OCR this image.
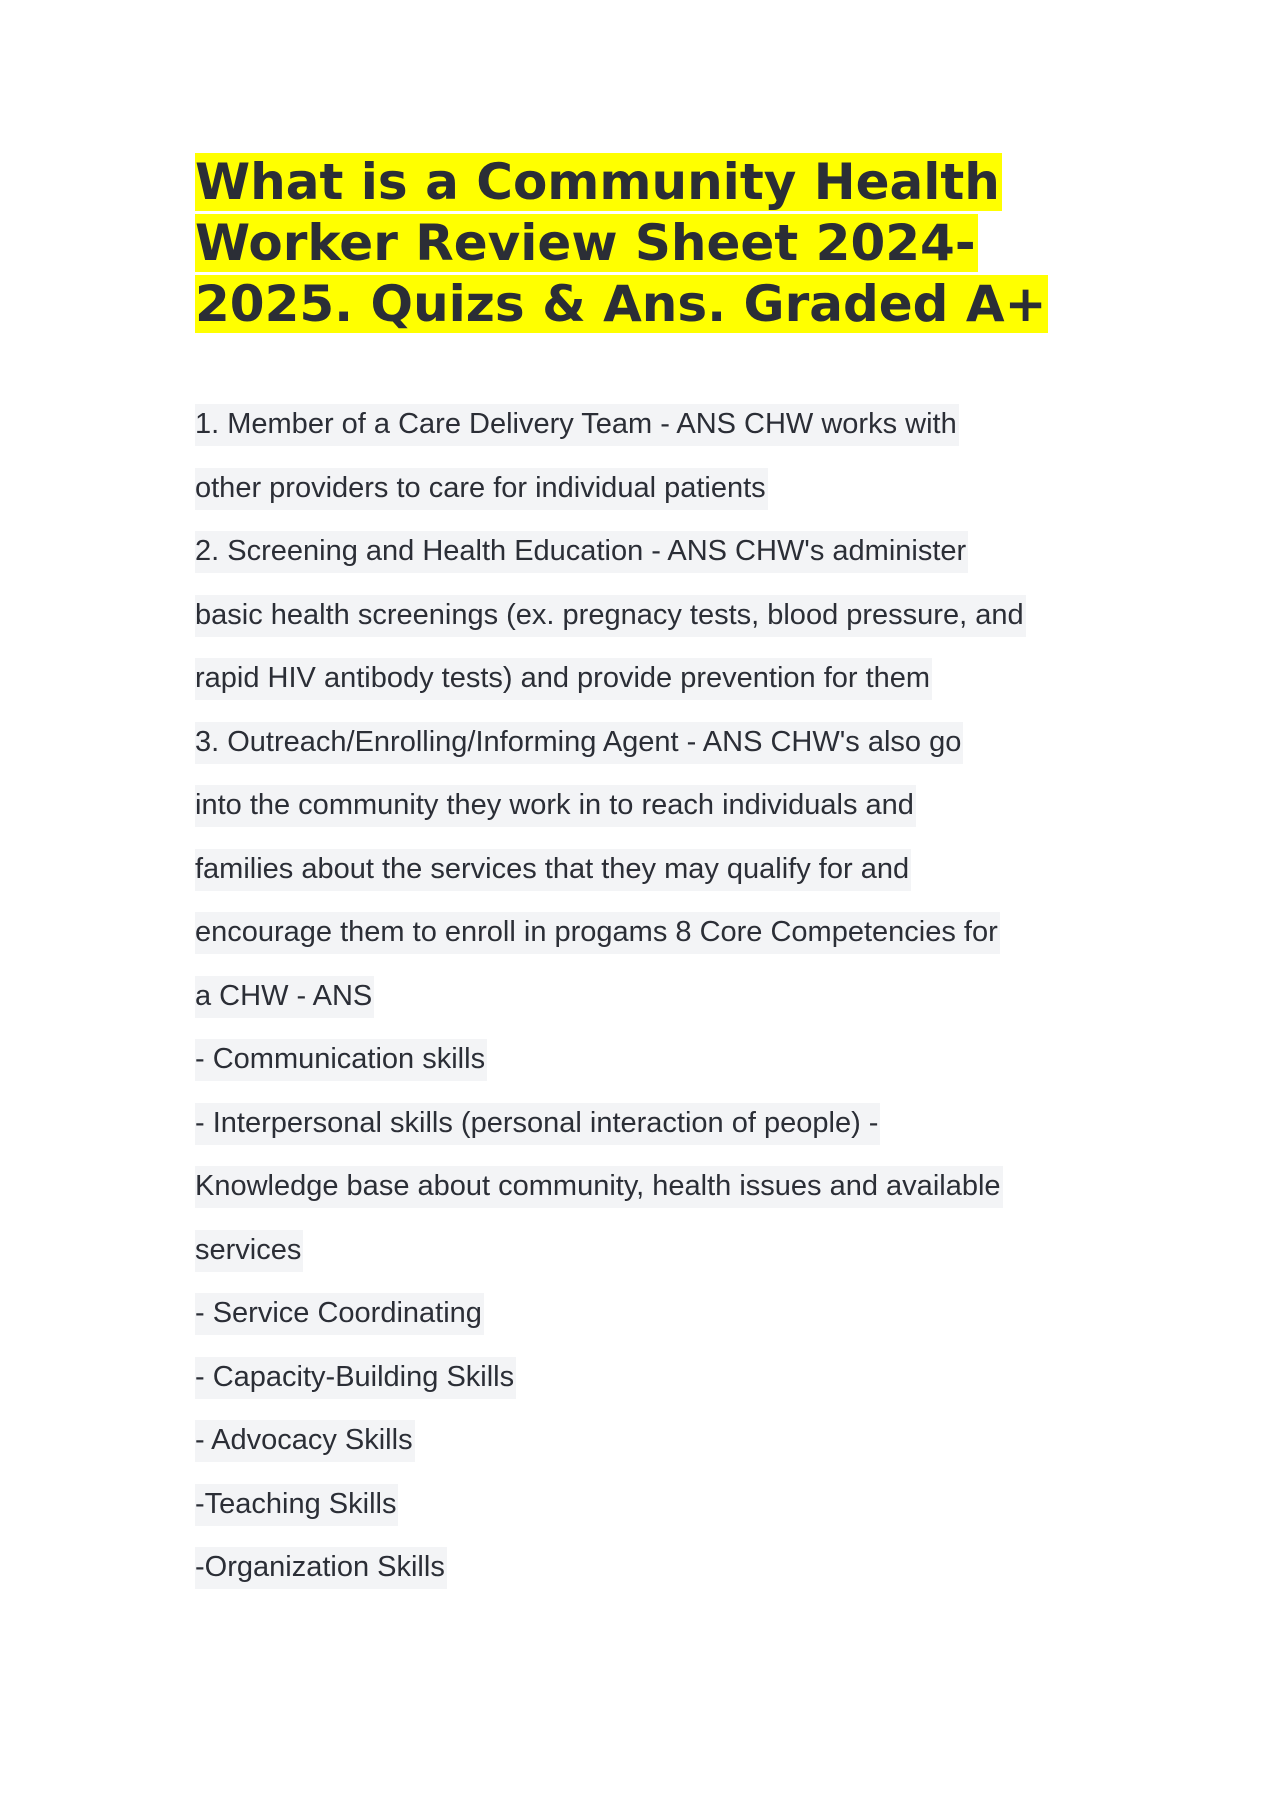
What is a Community Health
Worker Review Sheet 2024-
2025. Quizs & Ans. Graded A+
1. Member of a Care Delivery Team - ANS CHW works with
other providers to care for individual patients
2. Screening and Health Education - ANS CHW's administer
basic health screenings (ex. pregnacy tests, blood pressure, and
rapid HIV antibody tests) and provide prevention for them
3. Outreach/Enrolling/Informing Agent - ANS CHW's also go
into the community they work in to reach individuals and
families about the services that they may qualify for and
encourage them to enroll in progams 8 Core Competencies for
a CHW - ANS
- Communication skills
- Interpersonal skills (personal interaction of people) -
Knowledge base about community, health issues and available
services
- Service Coordinating
- Capacity-Building Skills
- Advocacy Skills
-Teaching Skills
-Organization Skills
